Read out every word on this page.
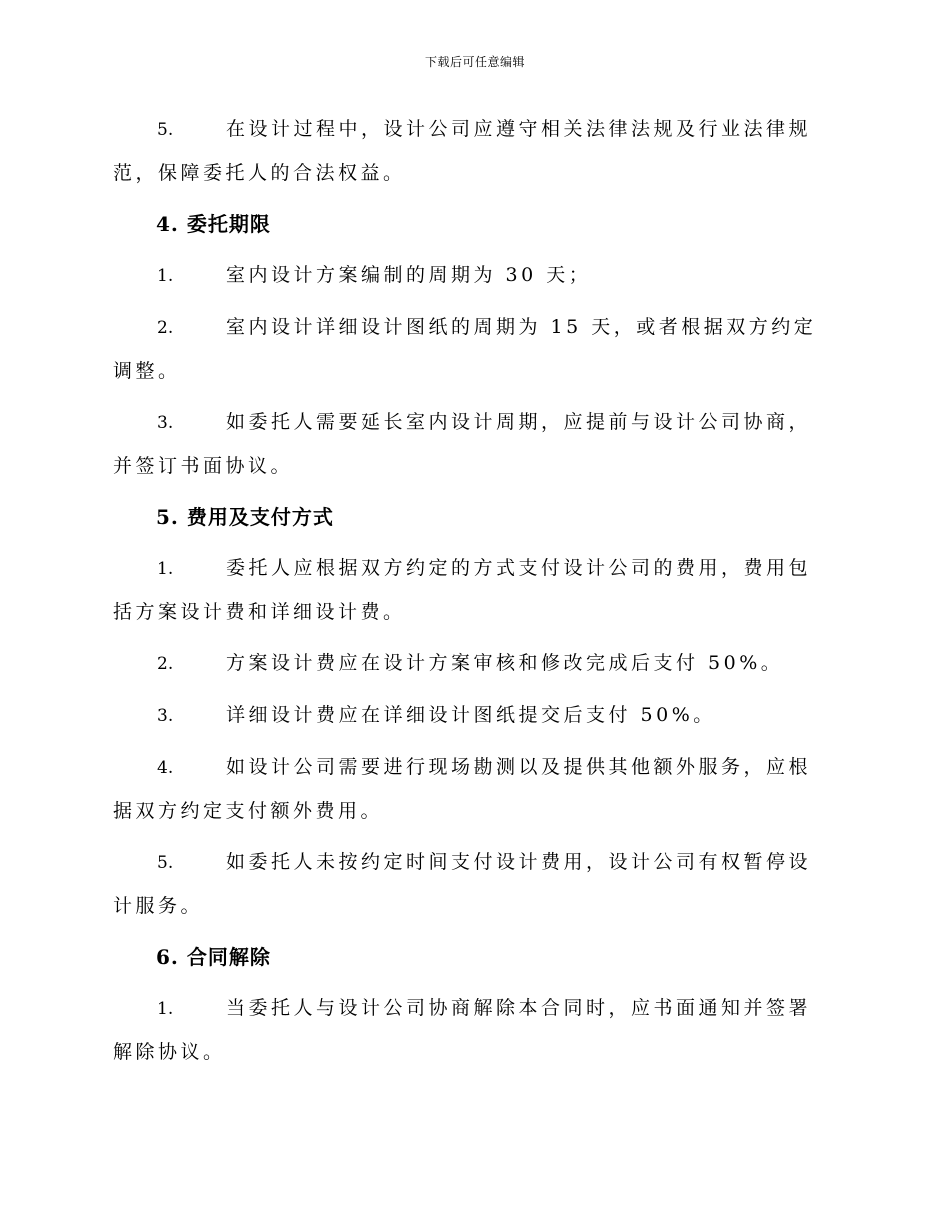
下载后可任意编辑
5.	在设计过程中，设计公司应遵守相关法律法规及行业法律规范，保障委托人的合法权益。
4. 委托期限
1.	室内设计方案编制的周期为 30 天；
2.	室内设计详细设计图纸的周期为 15 天，或者根据双方约定调整。
3.	如委托人需要延长室内设计周期，应提前与设计公司协商，并签订书面协议。
5. 费用及支付方式
1.	委托人应根据双方约定的方式支付设计公司的费用，费用包括方案设计费和详细设计费。
2.	方案设计费应在设计方案审核和修改完成后支付 50%。
3.	详细设计费应在详细设计图纸提交后支付 50%。
4.	如设计公司需要进行现场勘测以及提供其他额外服务，应根据双方约定支付额外费用。
5.	如委托人未按约定时间支付设计费用，设计公司有权暂停设计服务。
6. 合同解除
1.	当委托人与设计公司协商解除本合同时，应书面通知并签署解除协议。
